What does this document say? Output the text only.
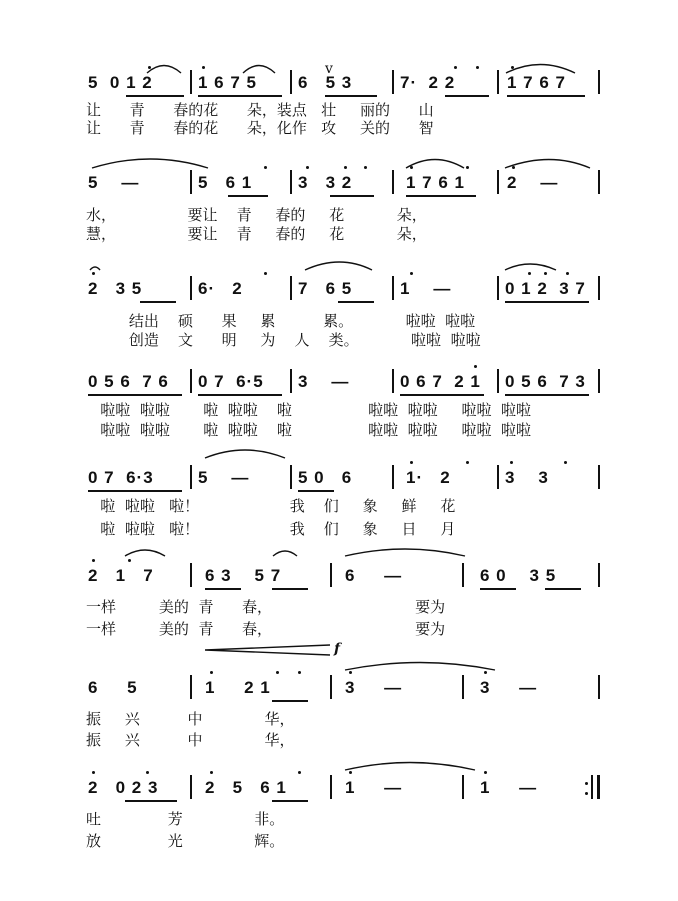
5  0 1 2	1 6 7 5 6   5 3	7·  2 2	1 7 6 7
v
让      青      春的花      朵，装点   壮     丽的      山
让      青      春的花      朵，化作   攻     关的      智
5    —	5   6 1	3   3 2	1 7 6 1 2    —
水，               要让    青     春的     花           朵，
慧，               要让    青     春的     花           朵，
2   3 5	6·   2	7   6 5	1    —	0 1 2  3 7
结出    硕      果     累          累。           啦啦  啦啦
创造    文      明     为    人    类。           啦啦  啦啦
0 5 6  7 6 0 7  6·5 3    —	0 6 7  2 1 0 5 6  7 3
啦啦  啦啦       啦  啦啦    啦                啦啦  啦啦     啦啦  啦啦
啦啦  啦啦       啦  啦啦    啦                啦啦  啦啦     啦啦  啦啦
0 7  6·3	5    —	5 0   6	1·   2	3    3
啦  啦啦   啦！                   我    们     象     鲜     花
啦  啦啦   啦！                   我    们     象     日     月
2   1   7	6 3    5 7	6     —	6 0    3 5
一样         美的  青      春，                              要为
一样         美的  青      春，                              要为
f
6     5	1     2 1	3     —	3     —
振     兴          中             华，
振     兴          中             华，
2   0 2 3	2   5   6 1	1     —	1     —
吐              芳               非。
放              光               辉。
